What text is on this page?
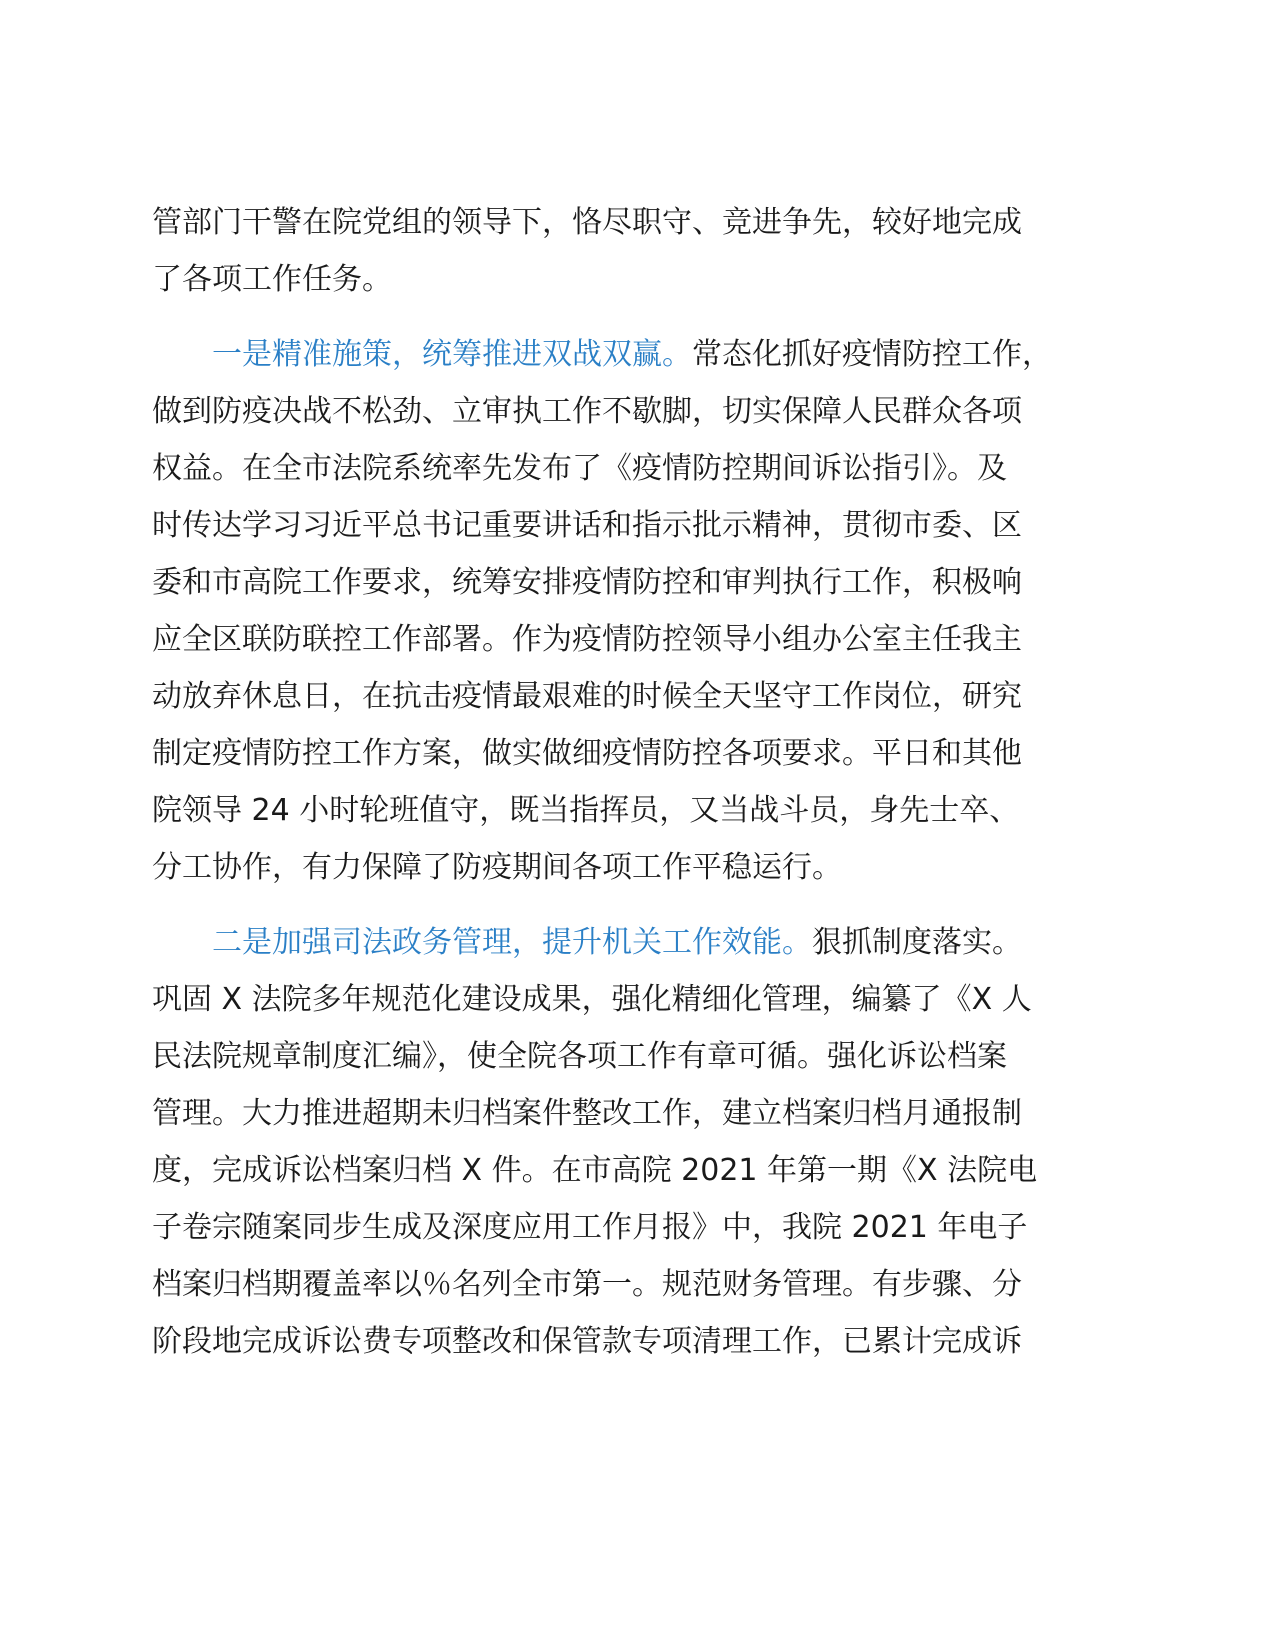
管部门干警在院党组的领导下，恪尽职守、竞进争先，较好地完成
了各项工作任务。

一是精准施策，统筹推进双战双赢。常态化抓好疫情防控工作，
做到防疫决战不松劲、立审执工作不歇脚，切实保障人民群众各项
权益。在全市法院系统率先发布了《疫情防控期间诉讼指引》。及
时传达学习习近平总书记重要讲话和指示批示精神，贯彻市委、区
委和市高院工作要求，统筹安排疫情防控和审判执行工作，积极响
应全区联防联控工作部署。作为疫情防控领导小组办公室主任我主
动放弃休息日，在抗击疫情最艰难的时候全天坚守工作岗位，研究
制定疫情防控工作方案，做实做细疫情防控各项要求。平日和其他
院领导 24 小时轮班值守，既当指挥员，又当战斗员，身先士卒、
分工协作，有力保障了防疫期间各项工作平稳运行。

二是加强司法政务管理，提升机关工作效能。狠抓制度落实。
巩固 X 法院多年规范化建设成果，强化精细化管理，编纂了《X 人
民法院规章制度汇编》，使全院各项工作有章可循。强化诉讼档案
管理。大力推进超期未归档案件整改工作，建立档案归档月通报制
度，完成诉讼档案归档 X 件。在市高院 2021 年第一期《X 法院电
子卷宗随案同步生成及深度应用工作月报》中，我院 2021 年电子
档案归档期覆盖率以％名列全市第一。规范财务管理。有步骤、分
阶段地完成诉讼费专项整改和保管款专项清理工作，已累计完成诉
